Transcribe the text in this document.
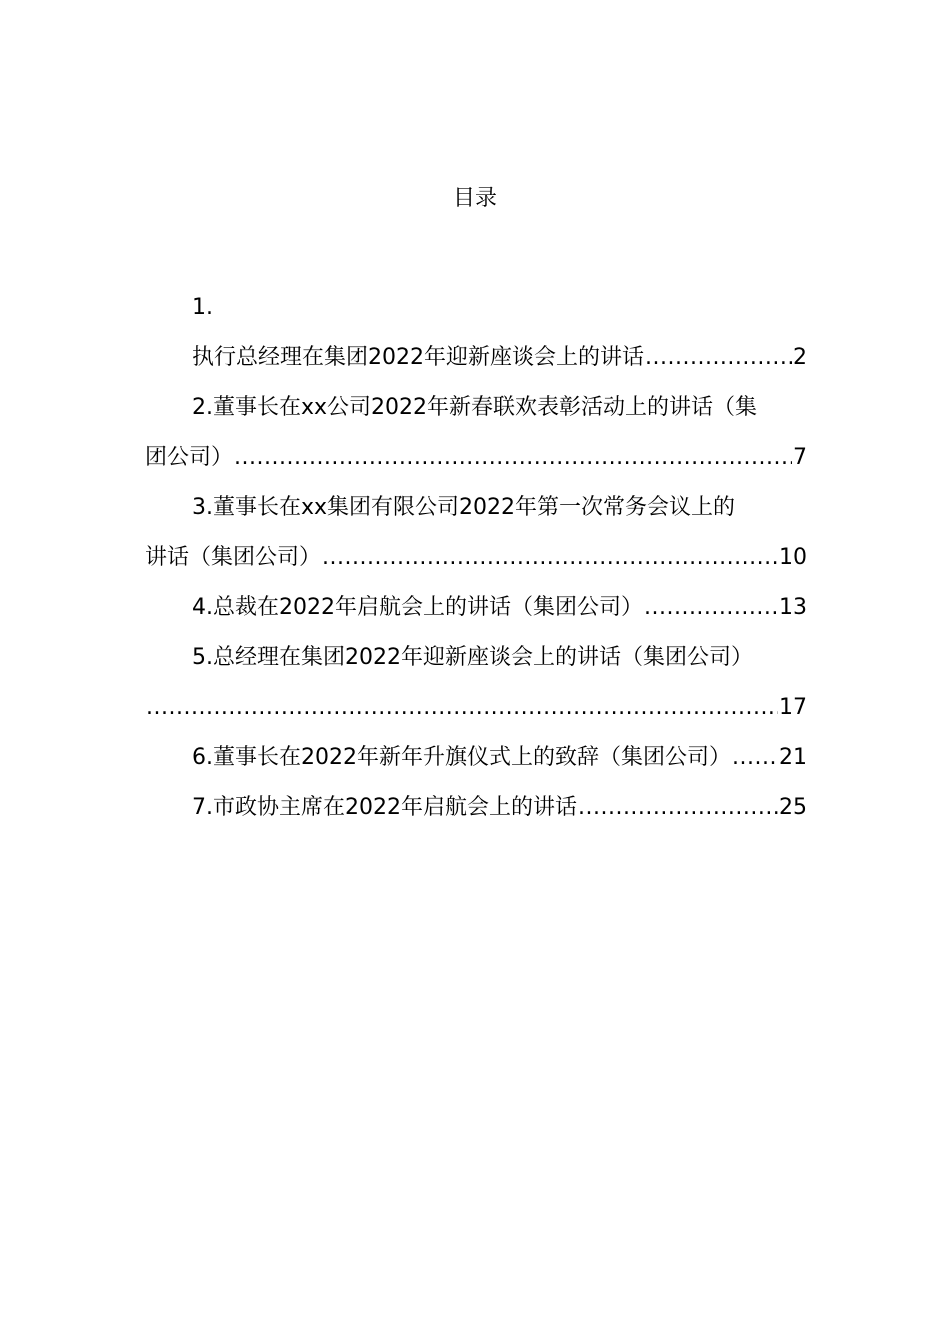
目录
1.
执行总经理在集团2022年迎新座谈会上的讲话 .....	2
2.董事长在xx公司2022年新春联欢表彰活动上的讲话（集
团公司） .....	7
3.董事长在xx集团有限公司2022年第一次常务会议上的
讲话（集团公司） .....	10
4.总裁在2022年启航会上的讲话（集团公司） .....	13
5.总经理在集团2022年迎新座谈会上的讲话（集团公司）
.....
17
6.董事长在2022年新年升旗仪式上的致辞（集团公司） ..... 21
7.市政协主席在2022年启航会上的讲话 .....	25
